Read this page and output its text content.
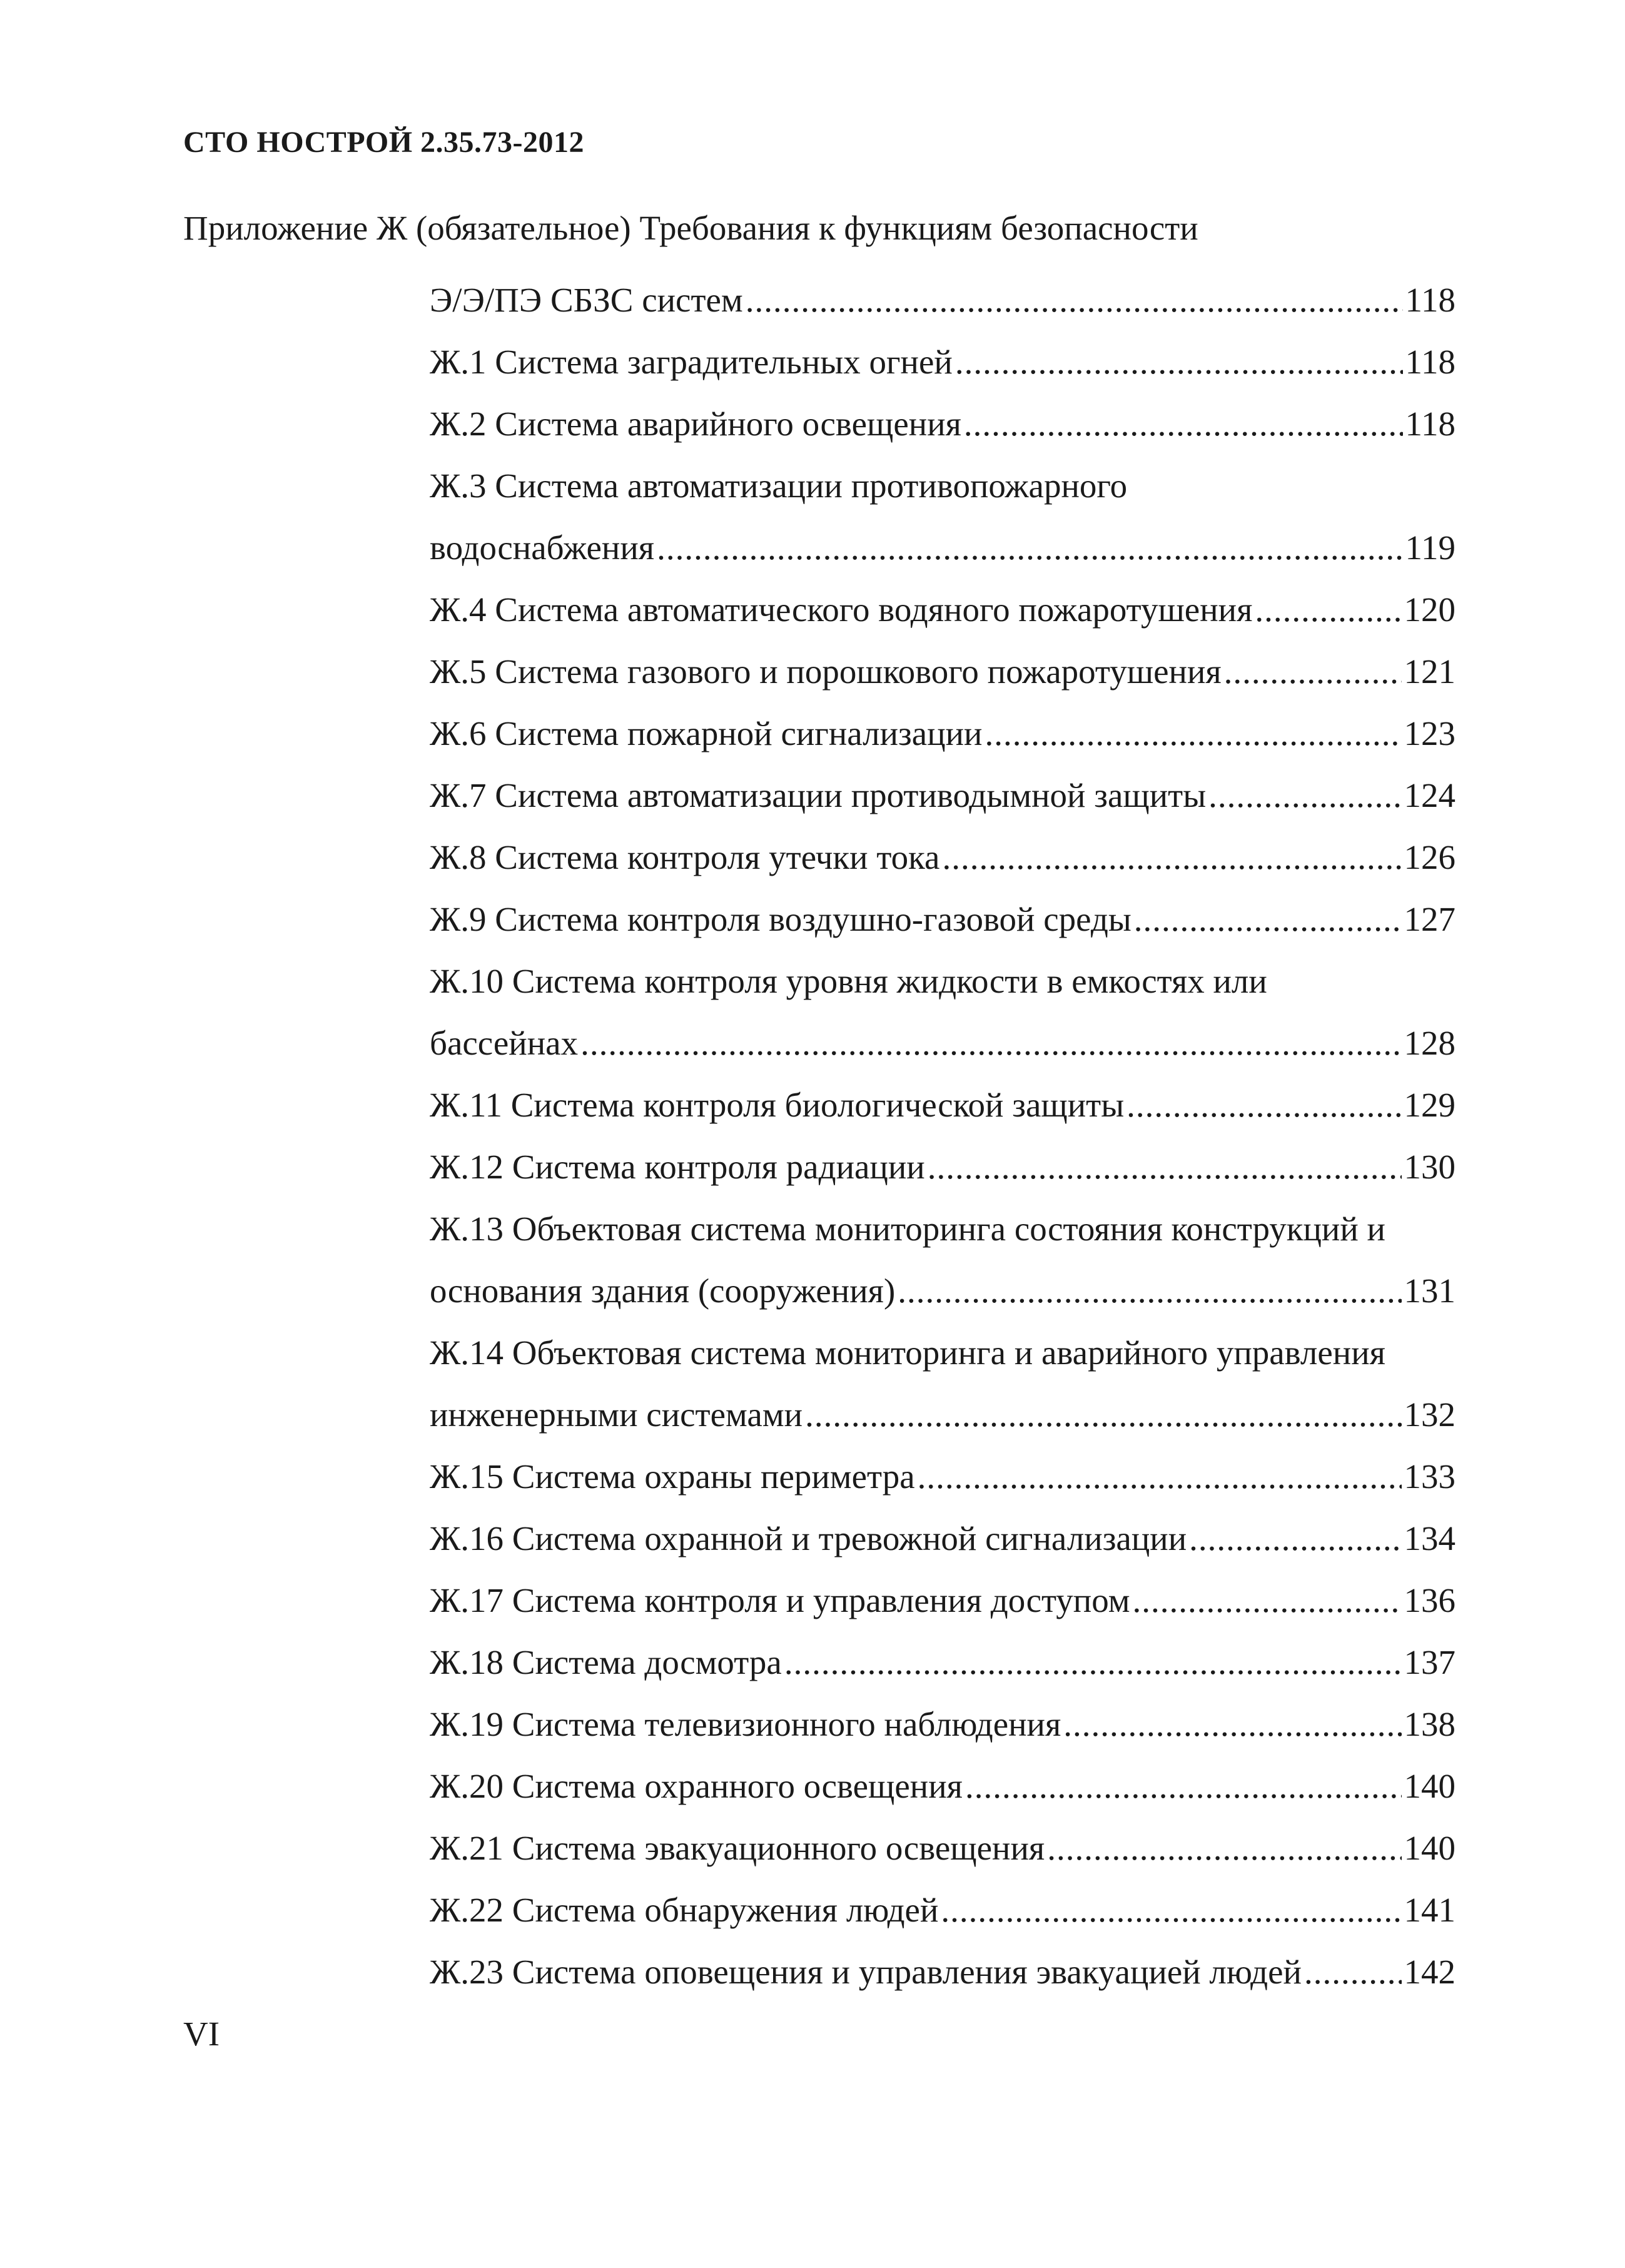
СТО НОСТРОЙ 2.35.73-2012
Приложение Ж (обязательное) Требования к функциям безопасности
Э/Э/ПЭ СБЗС систем .....	118
Ж.1 Система заградительных огней .....	118
Ж.2 Система аварийного освещения .....	118
Ж.3 Система автоматизации противопожарного
водоснабжения .....	119
Ж.4 Система автоматического водяного пожаротушения .....	120
Ж.5 Система газового и порошкового пожаротушения .....	121
Ж.6 Система пожарной сигнализации .....	123
Ж.7 Система автоматизации противодымной защиты .....	124
Ж.8 Система контроля утечки тока .....	126
Ж.9 Система контроля воздушно-газовой среды .....	127
Ж.10 Система контроля уровня жидкости в емкостях или
бассейнах .....	128
Ж.11 Система контроля биологической защиты .....	129
Ж.12 Система контроля радиации .....	130
Ж.13 Объектовая система мониторинга состояния конструкций и
основания здания (сооружения) .....	131
Ж.14 Объектовая система мониторинга и аварийного управления
инженерными системами .....	132
Ж.15 Система охраны периметра .....	133
Ж.16 Система охранной и тревожной сигнализации .....	134
Ж.17 Система контроля и управления доступом .....	136
Ж.18 Система досмотра .....	137
Ж.19 Система телевизионного наблюдения .....	138
Ж.20 Система охранного освещения .....	140
Ж.21 Система эвакуационного освещения .....	140
Ж.22 Система обнаружения людей .....	141
Ж.23 Система оповещения и управления эвакуацией людей .....	142
VI
